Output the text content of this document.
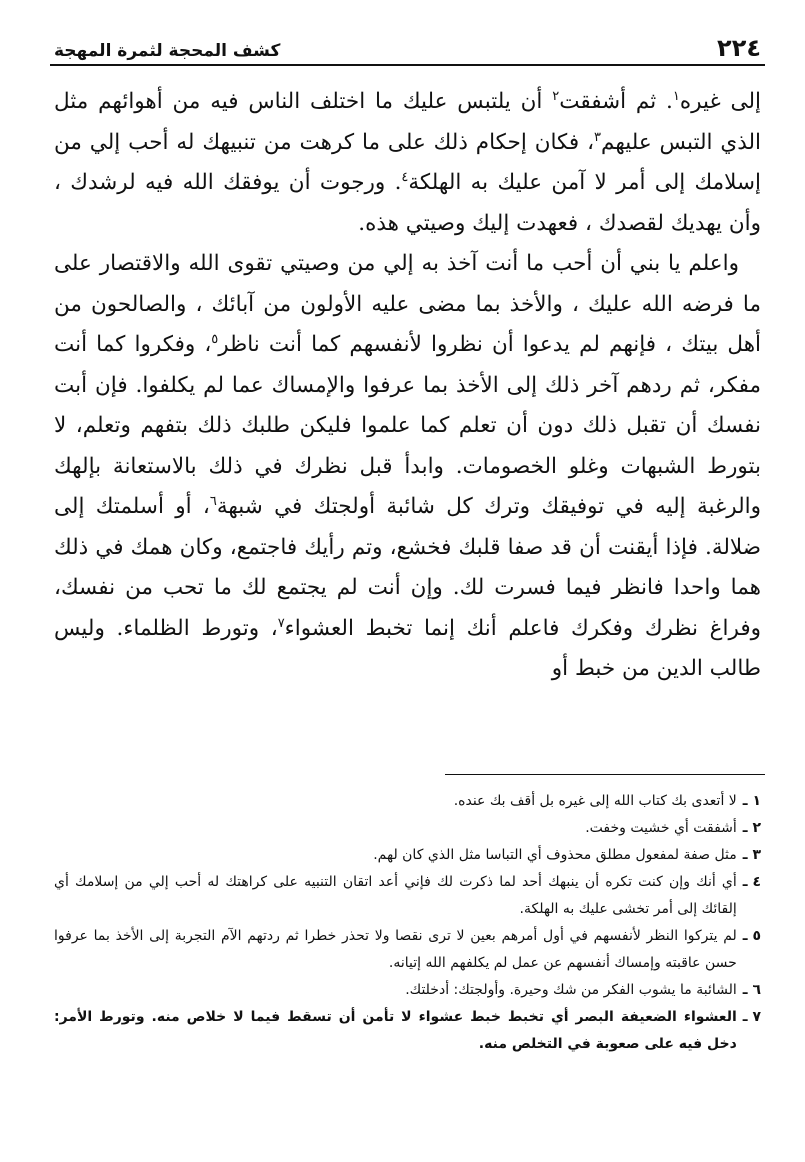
٢٢٤
كشف المحجة لثمرة المهجة

إلى غيره$^١$. ثم أشفقت$^٢$ أن يلتبس عليك ما اختلف الناس فيه من أهوائهم مثل الذي التبس عليهم$^٣$، فكان إحكام ذلك على ما كرهت من تنبيهك له أحب إلي من إسلامك إلى أمر لا آمن عليك به الهلكة$^٤$. ورجوت أن يوفقك الله فيه لرشدك ، وأن يهديك لقصدك ، فعهدت إليك وصيتي هذه.

واعلم يا بني أن أحب ما أنت آخذ به إلي من وصيتي تقوى الله والاقتصار على ما فرضه الله عليك ، والأخذ بما مضى عليه الأولون من آبائك ، والصالحون من أهل بيتك ، فإنهم لم يدعوا أن نظروا لأنفسهم كما أنت ناظر$^٥$، وفكروا كما أنت مفكر، ثم ردهم آخر ذلك إلى الأخذ بما عرفوا والإمساك عما لم يكلفوا. فإن أبت نفسك أن تقبل ذلك دون أن تعلم كما علموا فليكن طلبك ذلك بتفهم وتعلم، لا بتورط الشبهات وغلو الخصومات. وابدأ قبل نظرك في ذلك بالاستعانة بإلهك والرغبة إليه في توفيقك وترك كل شائبة أولجتك في شبهة$^٦$، أو أسلمتك إلى ضلالة. فإذا أيقنت أن قد صفا قلبك فخشع، وتم رأيك فاجتمع، وكان همك في ذلك هما واحدا فانظر فيما فسرت لك. وإن أنت لم يجتمع لك ما تحب من نفسك، وفراغ نظرك وفكرك فاعلم أنك إنما تخبط العشواء$^٧$، وتورط الظلماء. وليس طالب الدين من خبط أو

١ ـ
لا أتعدى بك كتاب الله إلى غيره بل أقف بك عنده.
٢ ـ
أشفقت أي خشيت وخفت.
٣ ـ
مثل صفة لمفعول مطلق محذوف أي التباسا مثل الذي كان لهم.
٤ ـ
أي أنك وإن كنت تكره أن ينبهك أحد لما ذكرت لك فإني أعد اتقان التنبيه على كراهتك له أحب إلي من إسلامك أي إلقائك إلى أمر تخشى عليك به الهلكة.
٥ ـ
لم يتركوا النظر لأنفسهم في أول أمرهم بعين لا ترى نقصا ولا تحذر خطرا ثم ردتهم الآم التجربة إلى الأخذ بما عرفوا حسن عاقبته وإمساك أنفسهم عن عمل لم يكلفهم الله إتيانه.
٦ ـ
الشائبة ما يشوب الفكر من شك وحيرة. وأولجتك: أدخلتك.
٧ ـ
العشواء الضعيفة البصر أي تخبط خبط عشواء لا تأمن أن تسقط فيما لا خلاص منه. وتورط الأمر: دخل فيه على صعوبة في التخلص منه.
